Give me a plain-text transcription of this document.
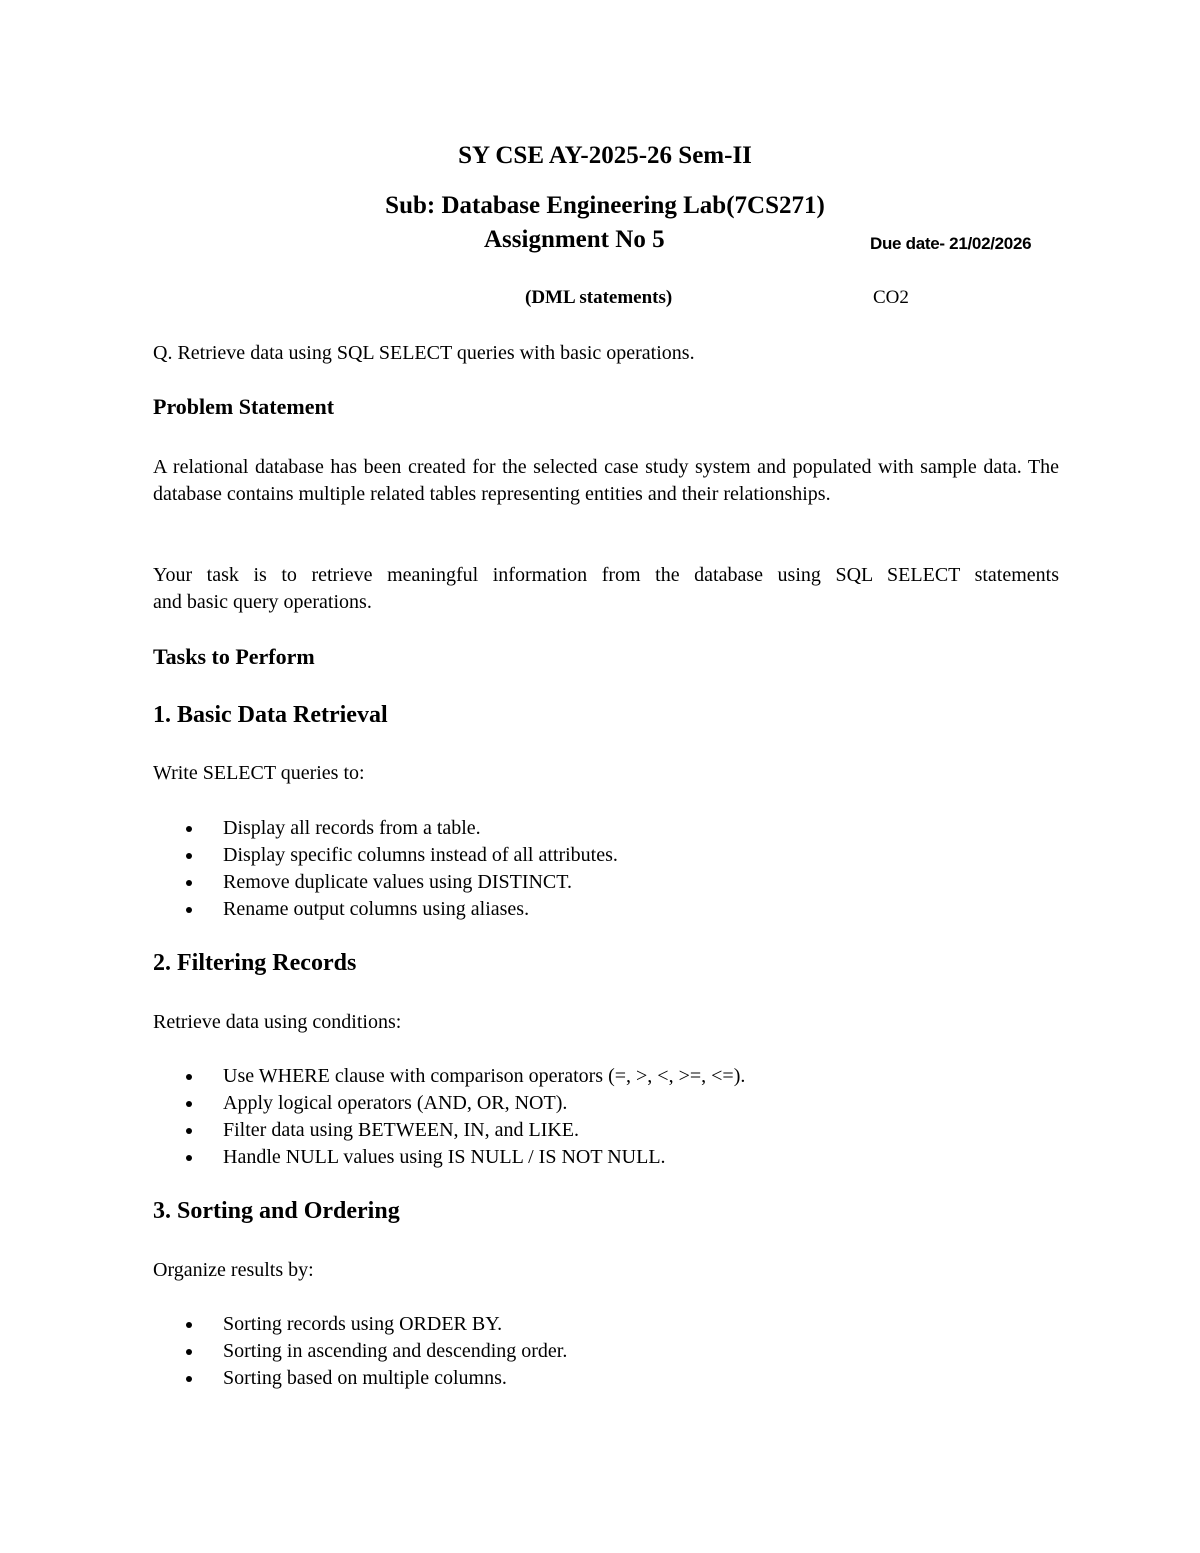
SY CSE AY-2025-26 Sem-II
Sub: Database Engineering Lab(7CS271)
Assignment No 5	Due date- 21/02/2026
(DML statements)	CO2
Q. Retrieve data using SQL SELECT queries with basic operations.
Problem Statement
A relational database has been created for the selected case study system and populated with sample data. The database contains multiple related tables representing entities and their relationships.
Your task is to retrieve meaningful information from the database using SQL SELECT statements
and basic query operations.
Tasks to Perform
1. Basic Data Retrieval
Write SELECT queries to:
Display all records from a table.
Display specific columns instead of all attributes.
Remove duplicate values using DISTINCT.
Rename output columns using aliases.
2. Filtering Records
Retrieve data using conditions:
Use WHERE clause with comparison operators (=, >, <, >=, <=).
Apply logical operators (AND, OR, NOT).
Filter data using BETWEEN, IN, and LIKE.
Handle NULL values using IS NULL / IS NOT NULL.
3. Sorting and Ordering
Organize results by:
Sorting records using ORDER BY.
Sorting in ascending and descending order.
Sorting based on multiple columns.
